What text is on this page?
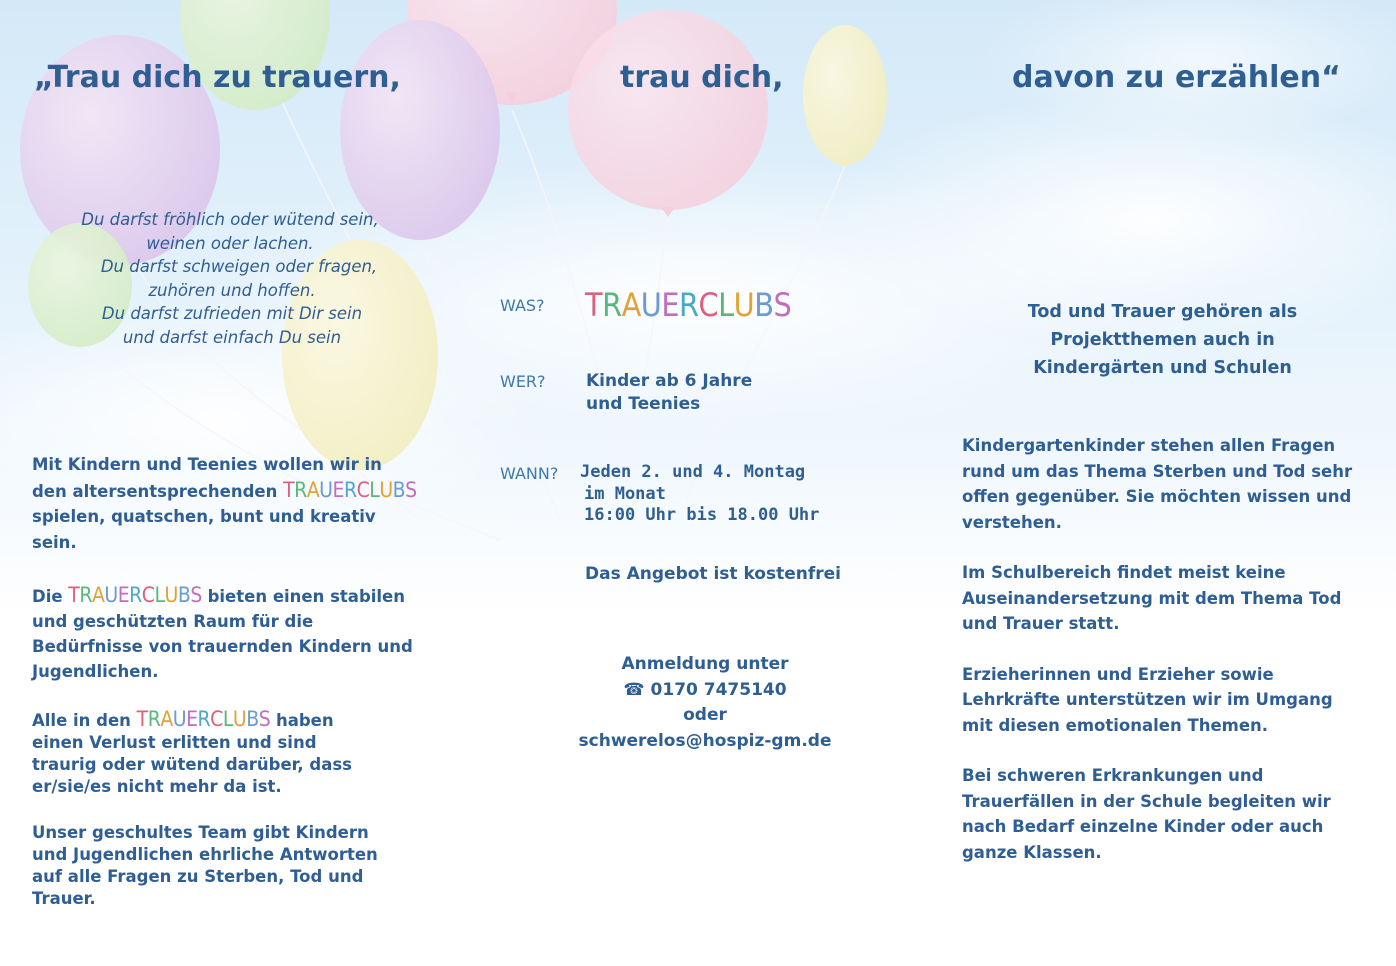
„Trau dich zu trauern,	trau dich,	davon zu erzählen“
Du darfst fröhlich oder wütend sein,
weinen oder lachen.
Du darfst schweigen oder fragen,
zuhören und hoffen.
Du darfst zufrieden mit Dir sein
und darfst einfach Du sein

Mit Kindern und Teenies wollen wir in den altersentsprechenden TRAUERCLUBS spielen, quatschen, bunt und kreativ sein.

Die TRAUERCLUBS bieten einen stabilen und geschützten Raum für die Bedürfnisse von trauernden Kindern und Jugendlichen.

Alle in den TRAUERCLUBS haben einen Verlust erlitten und sind traurig oder wütend darüber, dass er/sie/es nicht mehr da ist.

Unser geschultes Team gibt Kindern und Jugendlichen ehrliche Antworten auf alle Fragen zu Sterben, Tod und Trauer.

WAS? TRAUERCLUBS
WER? Kinder ab 6 Jahre
und Teenies
WANN? Jeden 2. und 4. Montag
im Monat
16:00 Uhr bis 18.00 Uhr
Das Angebot ist kostenfrei
Anmeldung unter
☎ 0170 7475140
oder
schwerelos@hospiz-gm.de
Tod und Trauer gehören als
Projektthemen auch in
Kindergärten und Schulen

Kindergartenkinder stehen allen Fragen rund um das Thema Sterben und Tod sehr offen gegenüber. Sie möchten wissen und verstehen.

Im Schulbereich findet meist keine Auseinandersetzung mit dem Thema Tod und Trauer statt.

Erzieherinnen und Erzieher sowie Lehrkräfte unterstützen wir im Umgang mit diesen emotionalen Themen.

Bei schweren Erkrankungen und Trauerfällen in der Schule begleiten wir nach Bedarf einzelne Kinder oder auch ganze Klassen.
